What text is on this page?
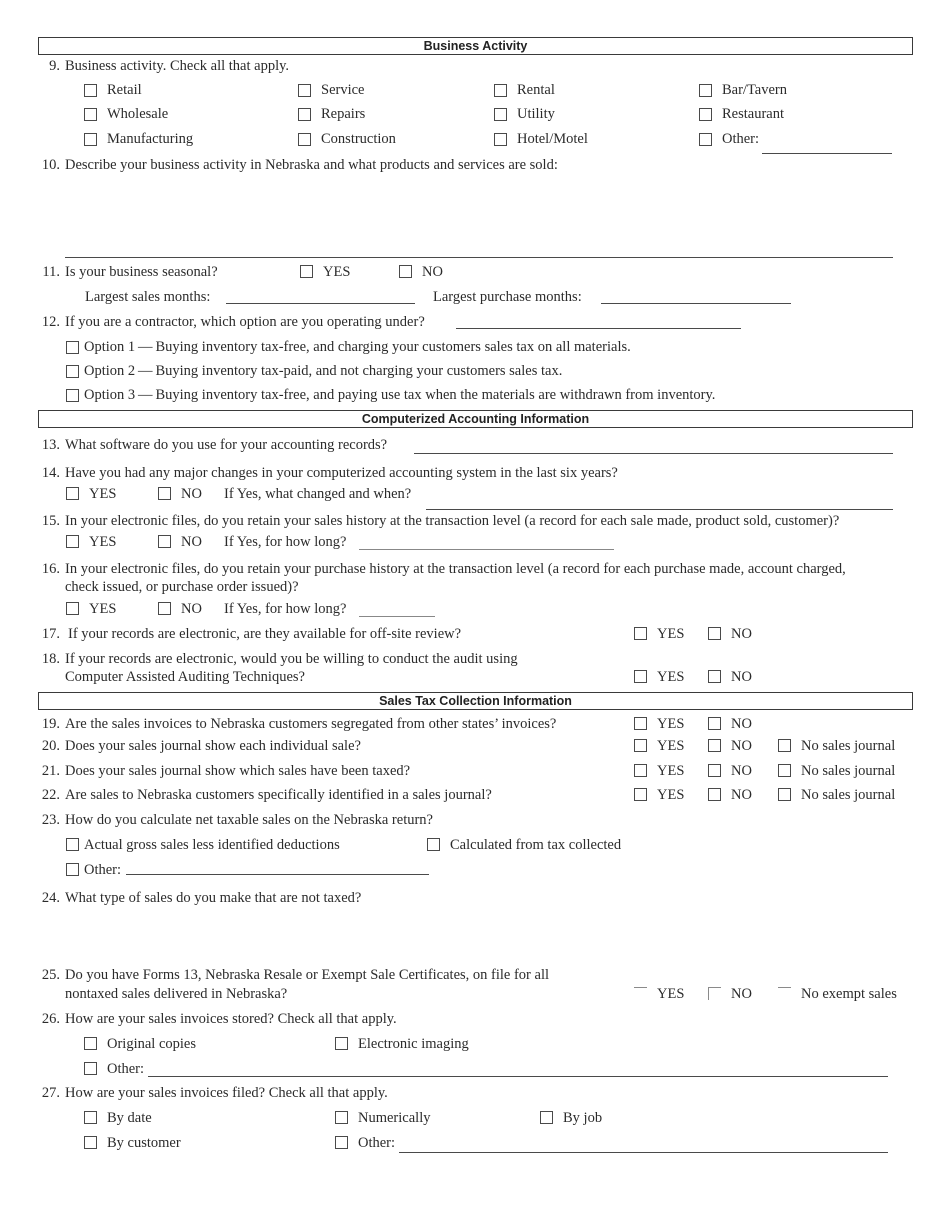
Business Activity
9. Business activity. Check all that apply.
Retail	Service	Rental	Bar/Tavern
Wholesale	Repairs	Utility	Restaurant
Manufacturing	Construction	Hotel/Motel	Other:
10. Describe your business activity in Nebraska and what products and services are sold:
11. Is your business seasonal?	YES	NO
Largest sales months:	Largest purchase months:
12. If you are a contractor, which option are you operating under?
Option 1 — Buying inventory tax-free, and charging your customers sales tax on all materials.
Option 2 — Buying inventory tax-paid, and not charging your customers sales tax.
Option 3 — Buying inventory tax-free, and paying use tax when the materials are withdrawn from inventory.
Computerized Accounting Information
13. What software do you use for your accounting records?
14. Have you had any major changes in your computerized accounting system in the last six years?
YES	NO If Yes, what changed and when?
15. In your electronic files, do you retain your sales history at the transaction level (a record for each sale made, product sold, customer)?
YES	NO If Yes, for how long?
16. In your electronic files, do you retain your purchase history at the transaction level (a record for each purchase made, account charged,
check issued, or purchase order issued)?
YES	NO If Yes, for how long?
17. If your records are electronic, are they available for off-site review?	YES	NO
18. If your records are electronic, would you be willing to conduct the audit using
Computer Assisted Auditing Techniques?	YES	NO
Sales Tax Collection Information
19. Are the sales invoices to Nebraska customers segregated from other states’ invoices?	YES	NO
20. Does your sales journal show each individual sale?	YES	NO	No sales journal
21. Does your sales journal show which sales have been taxed?	YES	NO	No sales journal
22. Are sales to Nebraska customers specifically identified in a sales journal?	YES	NO	No sales journal
23. How do you calculate net taxable sales on the Nebraska return?
Actual gross sales less identified deductions	Calculated from tax collected
Other:
24. What type of sales do you make that are not taxed?
25. Do you have Forms 13, Nebraska Resale or Exempt Sale Certificates, on file for all
nontaxed sales delivered in Nebraska?	YES	NO	No exempt sales
26. How are your sales invoices stored? Check all that apply.
Original copies	Electronic imaging
Other:
27. How are your sales invoices filed? Check all that apply.
By date	Numerically	By job
By customer	Other:
